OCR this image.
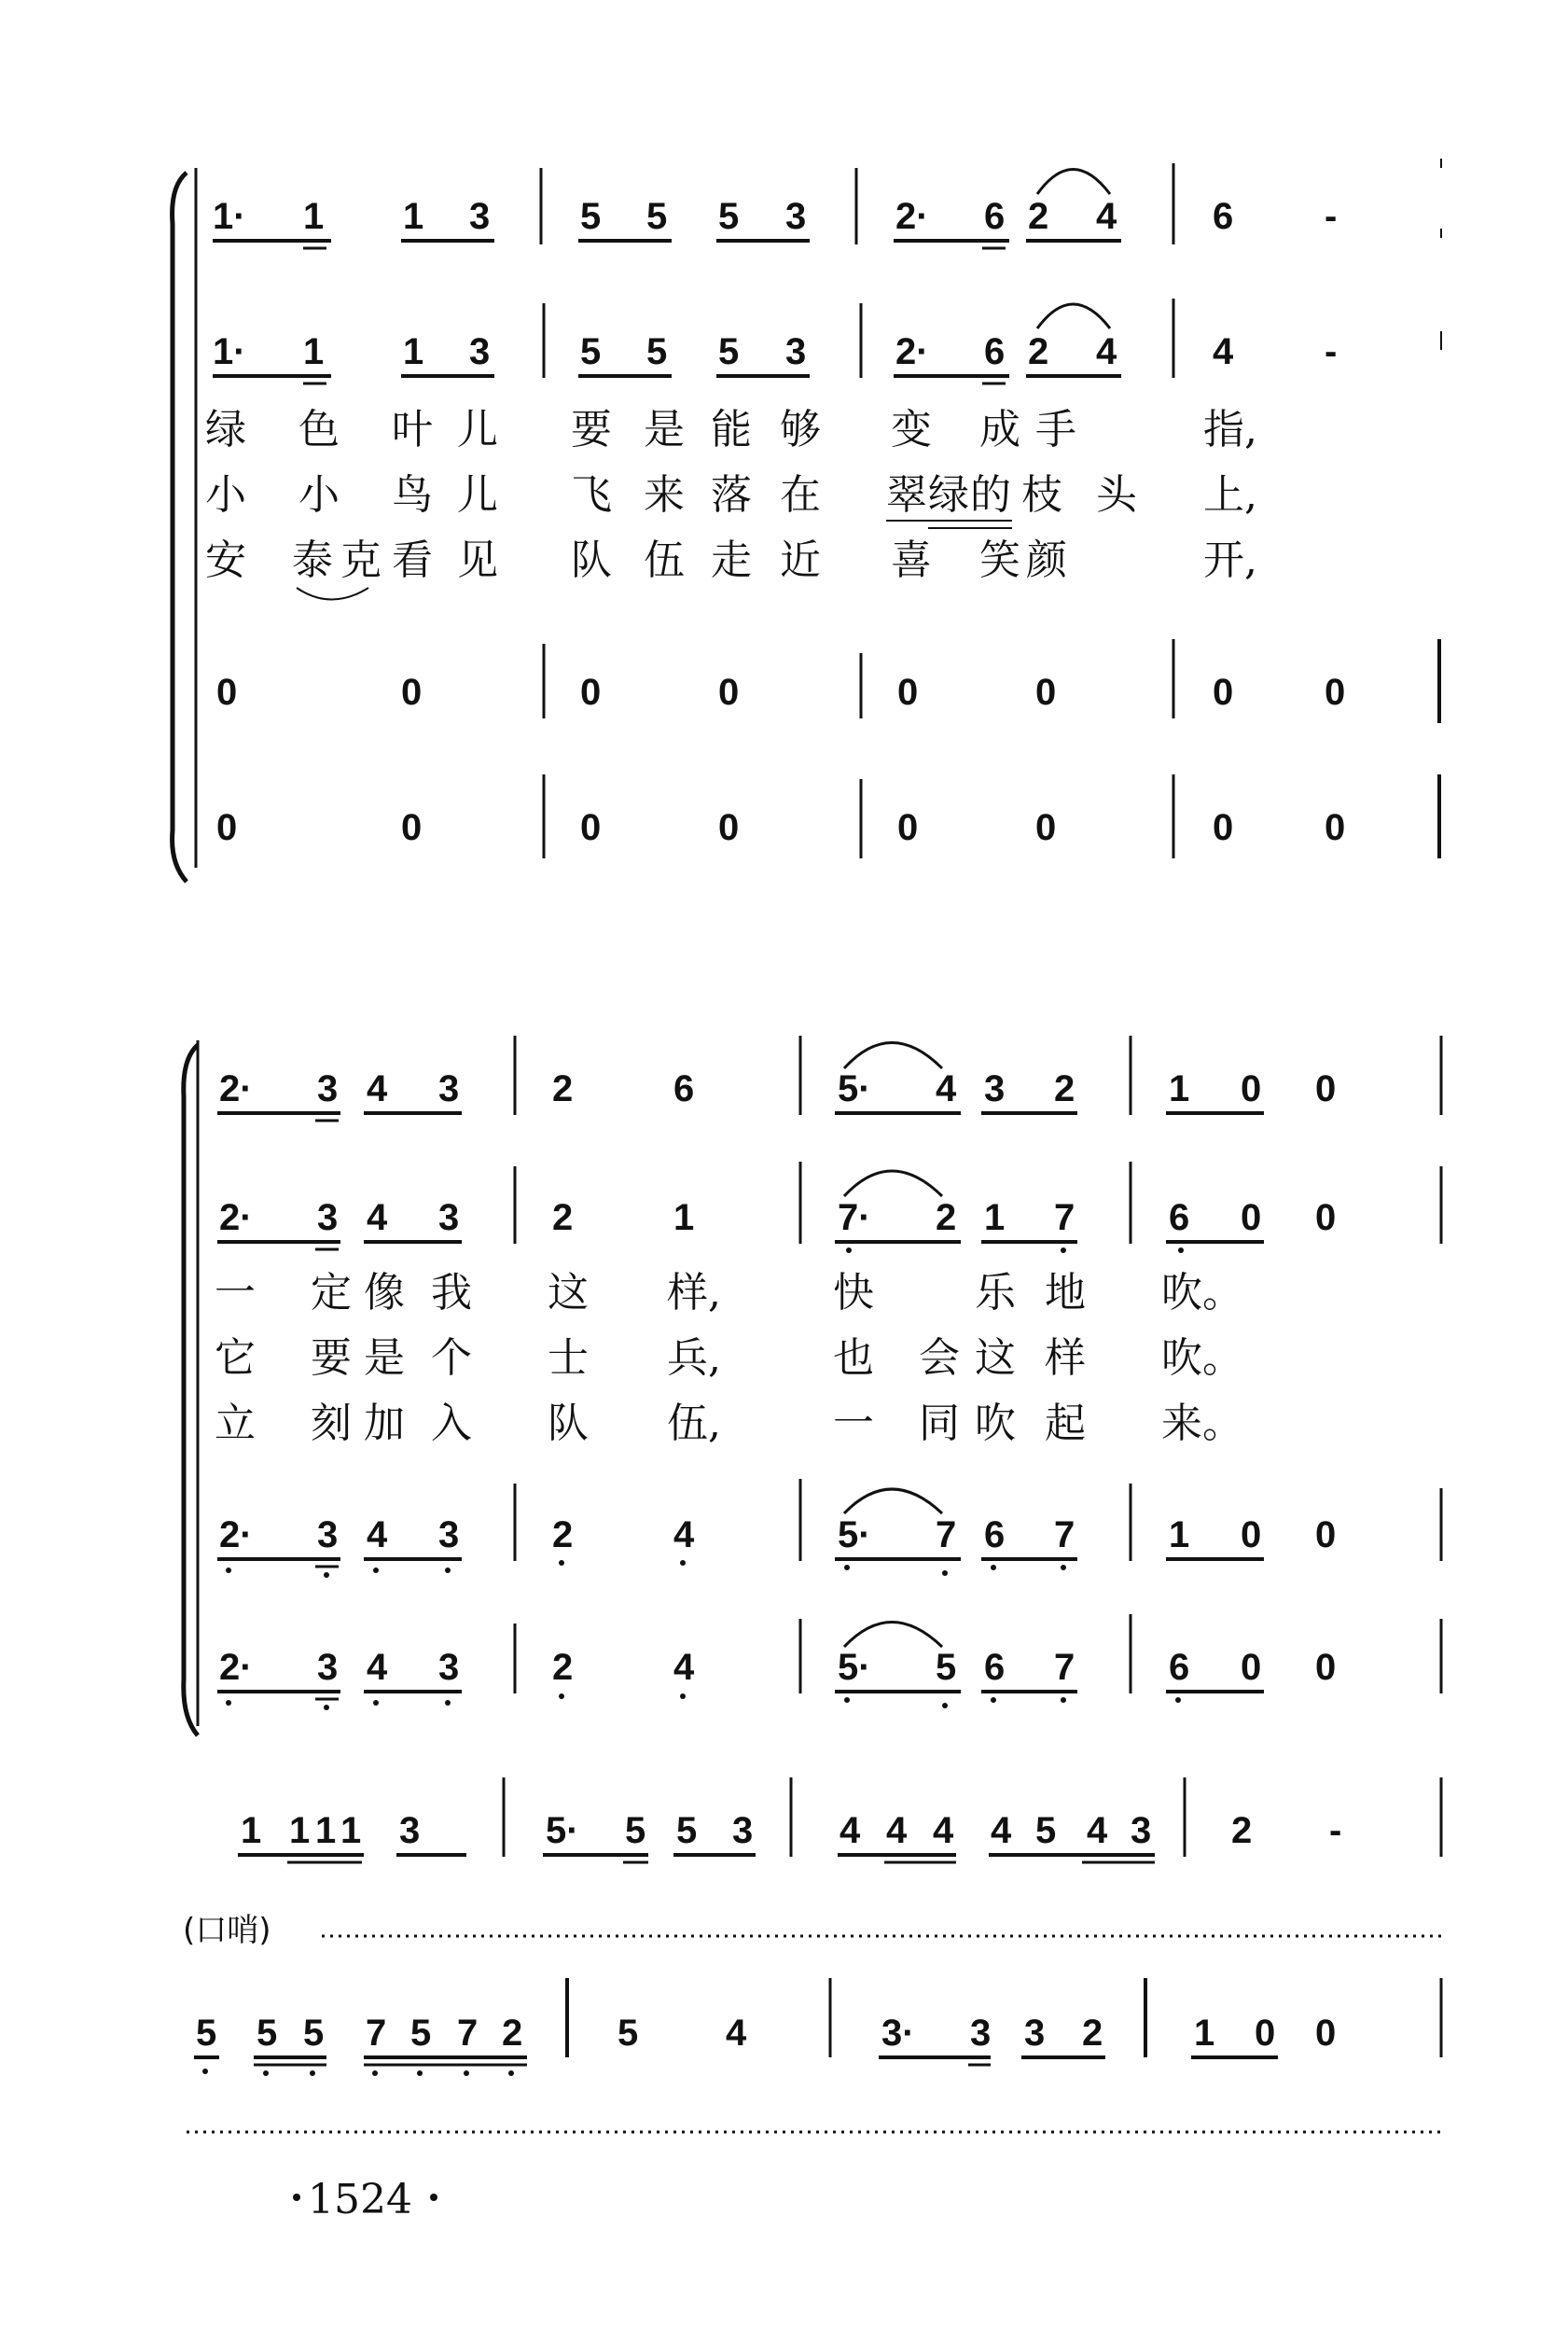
1· 1 1 3 5 5 5 3 2· 6 2 4	6 -
1· 1 1 3 5 5 5 3 2· 6 2 4	4 -
绿 色 叶 儿 要 是 能 够 变 成 手	指,
小 小 鸟 儿 飞 来 落 在 翠 绿 的 枝 头 上,
安 泰 克 看 见 队 伍 走 近 喜 笑 颜	开,
0	0	0	0	0	0	0 0
0	0	0	0	0	0	0 0
2· 3 4 3 2	6	5· 4 3 2	1 0 0
2· 3 4 3 2	1	7· 2 1 7	6 0 0
一 定 像 我 这 样,	快 乐 地 吹。
它 要 是 个 士 兵,	也 会 这 样 吹。
立 刻 加 入 队 伍,	一 同 吹 起 来。
2· 3 4 3 2	4	5· 7 6 7	1 0 0
2· 3 4 3 2	4	5· 5 6 7	6 0 0
1 1 1 1 3	5· 5 5 3 4 4 4 4 5 4 3 2 -
(口哨)
5 5 5 7 5 7 2	5 4	3· 3 3 2 1 0 0
1524
